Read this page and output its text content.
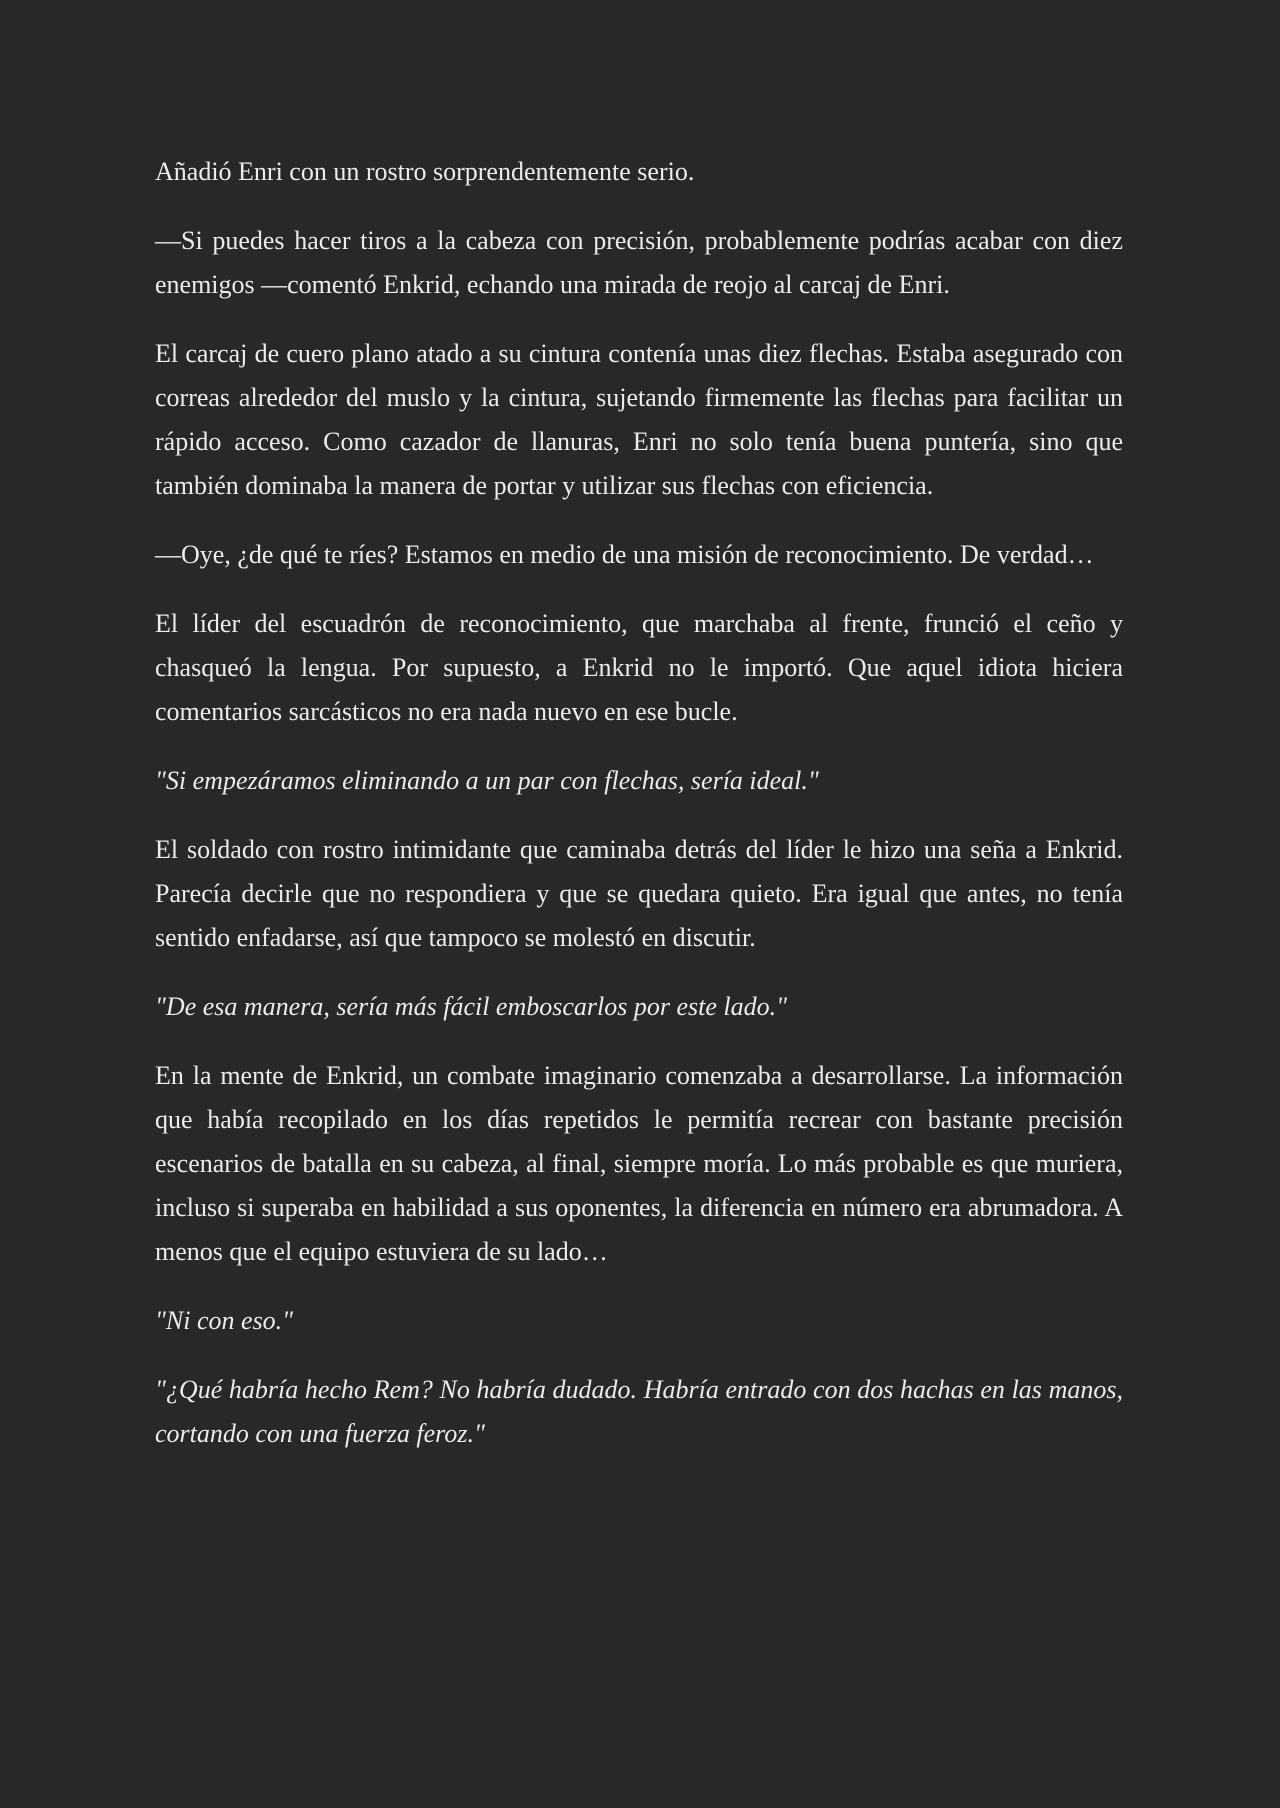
Añadió Enri con un rostro sorprendentemente serio.

—Si puedes hacer tiros a la cabeza con precisión, probablemente podrías acabar con diez enemigos —comentó Enkrid, echando una mirada de reojo al carcaj de Enri.

El carcaj de cuero plano atado a su cintura contenía unas diez flechas. Estaba asegurado con correas alrededor del muslo y la cintura, sujetando firmemente las flechas para facilitar un rápido acceso. Como cazador de llanuras, Enri no solo tenía buena puntería, sino que también dominaba la manera de portar y utilizar sus flechas con eficiencia.

—Oye, ¿de qué te ríes? Estamos en medio de una misión de reconocimiento. De verdad…

El líder del escuadrón de reconocimiento, que marchaba al frente, frunció el ceño y chasqueó la lengua. Por supuesto, a Enkrid no le importó. Que aquel idiota hiciera comentarios sarcásticos no era nada nuevo en ese bucle.

"Si empezáramos eliminando a un par con flechas, sería ideal."

El soldado con rostro intimidante que caminaba detrás del líder le hizo una seña a Enkrid. Parecía decirle que no respondiera y que se quedara quieto. Era igual que antes, no tenía sentido enfadarse, así que tampoco se molestó en discutir.

"De esa manera, sería más fácil emboscarlos por este lado."

En la mente de Enkrid, un combate imaginario comenzaba a desarrollarse. La información que había recopilado en los días repetidos le permitía recrear con bastante precisión escenarios de batalla en su cabeza, al final, siempre moría. Lo más probable es que muriera, incluso si superaba en habilidad a sus oponentes, la diferencia en número era abrumadora. A menos que el equipo estuviera de su lado…

"Ni con eso."

"¿Qué habría hecho Rem? No habría dudado. Habría entrado con dos hachas en las manos, cortando con una fuerza feroz."
